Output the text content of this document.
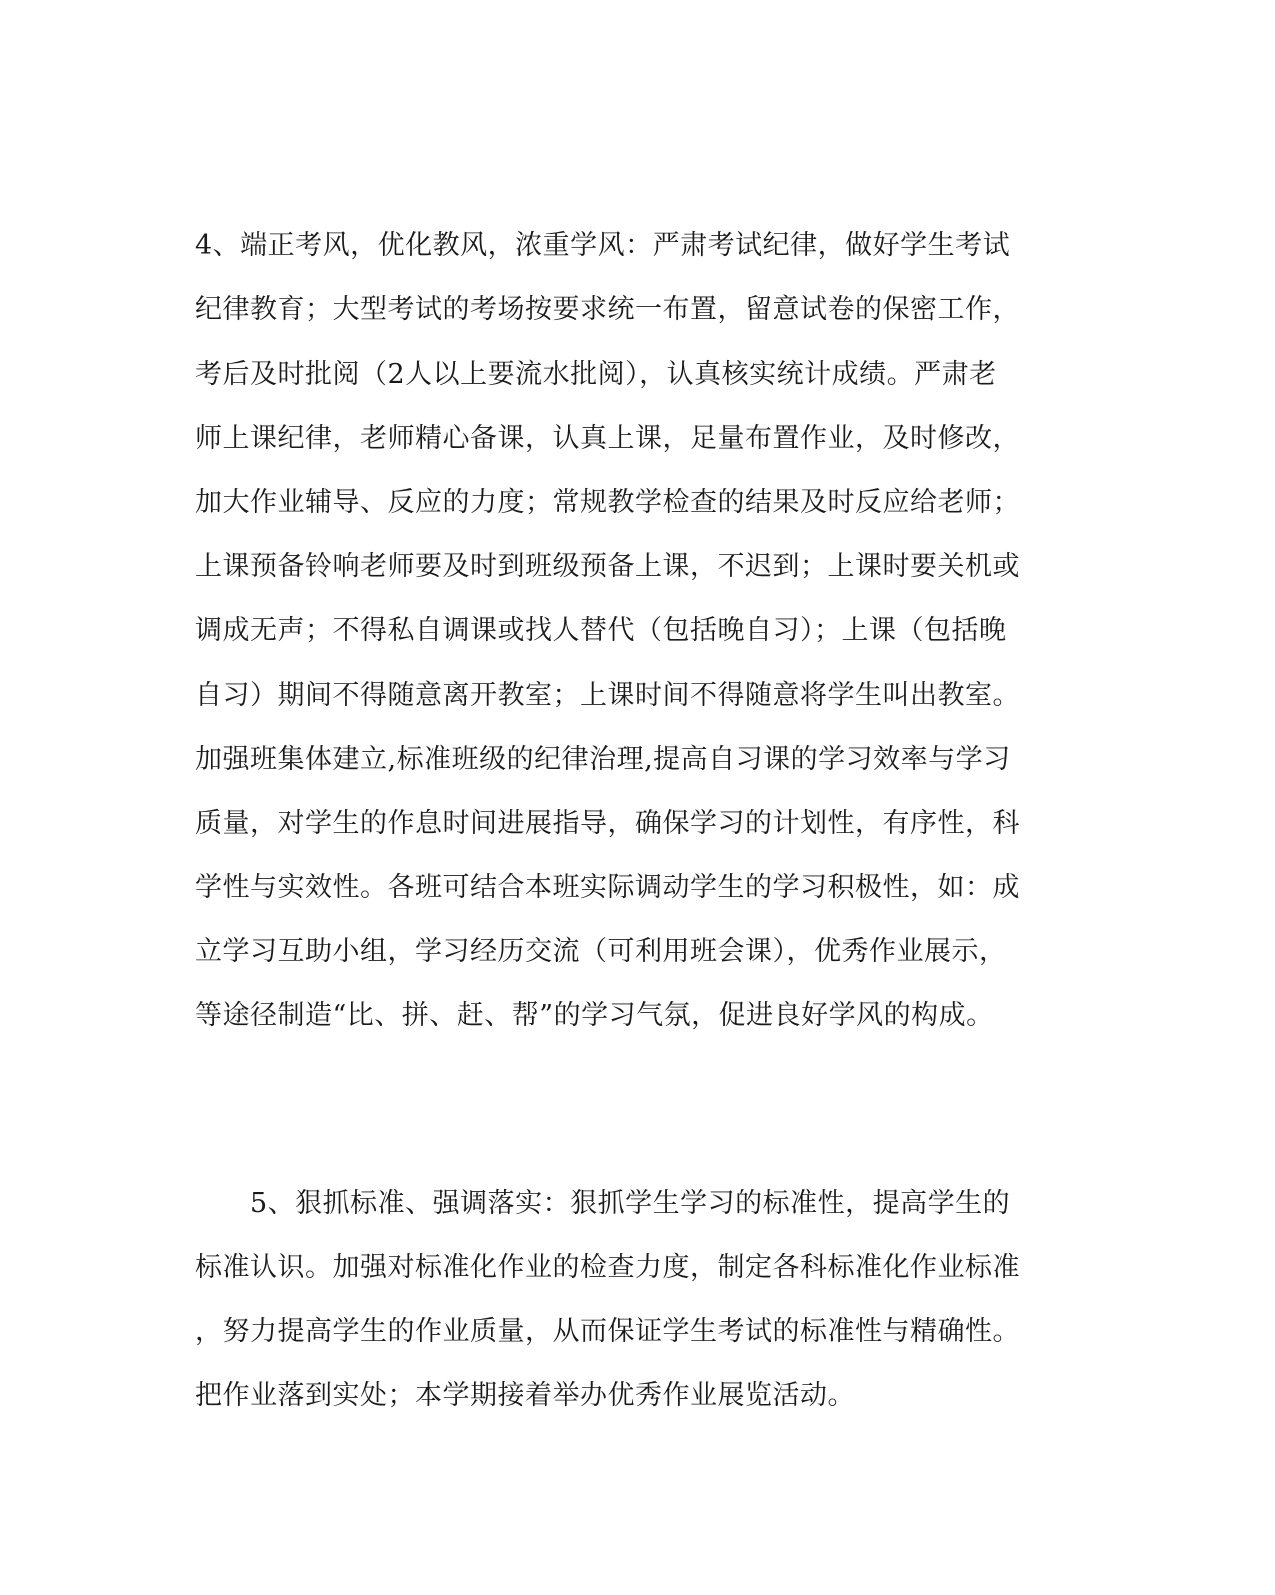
4、端正考风，优化教风，浓重学风：严肃考试纪律，做好学生考试
纪律教育；大型考试的考场按要求统一布置，留意试卷的保密工作，
考后及时批阅（2人以上要流水批阅），认真核实统计成绩。严肃老
师上课纪律，老师精心备课，认真上课，足量布置作业，及时修改，
加大作业辅导、反应的力度；常规教学检查的结果及时反应给老师；
上课预备铃响老师要及时到班级预备上课，不迟到；上课时要关机或
调成无声；不得私自调课或找人替代（包括晚自习）；上课（包括晚
自习）期间不得随意离开教室；上课时间不得随意将学生叫出教室。
加强班集体建立,标准班级的纪律治理,提高自习课的学习效率与学习
质量，对学生的作息时间进展指导，确保学习的计划性，有序性，科
学性与实效性。各班可结合本班实际调动学生的学习积极性，如：成
立学习互助小组，学习经历交流（可利用班会课），优秀作业展示，
等途径制造“比、拼、赶、帮”的学习气氛，促进良好学风的构成。
5、狠抓标准、强调落实：狠抓学生学习的标准性，提高学生的
标准认识。加强对标准化作业的检查力度，制定各科标准化作业标准
，努力提高学生的作业质量，从而保证学生考试的标准性与精确性。
把作业落到实处；本学期接着举办优秀作业展览活动。
